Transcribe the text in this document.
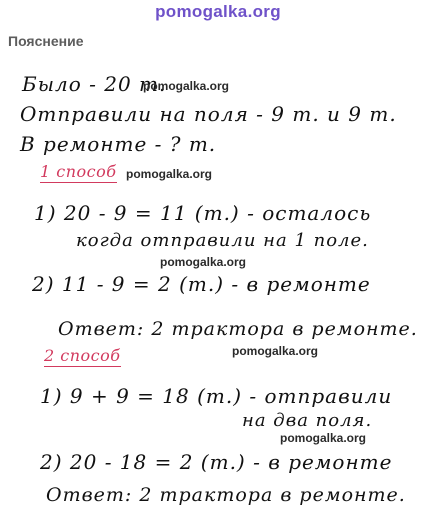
pomogalka.org
Пояснение
Было - 20 т.
pomogalka.org
Отправили на поля - 9 т. и 9 т.
В ремонте - ? т.
1 способ pomogalka.org
1) 20 - 9 = 11 (т.) - осталось
когда отправили на 1 поле.
pomogalka.org
2) 11 - 9 = 2 (т.) - в ремонте
Ответ: 2 трактора в ремонте.
2 способ	pomogalka.org
1) 9 + 9 = 18 (т.) - отправили
на два поля.
pomogalka.org
2) 20 - 18 = 2 (т.) - в ремонте
Ответ: 2 трактора в ремонте.
